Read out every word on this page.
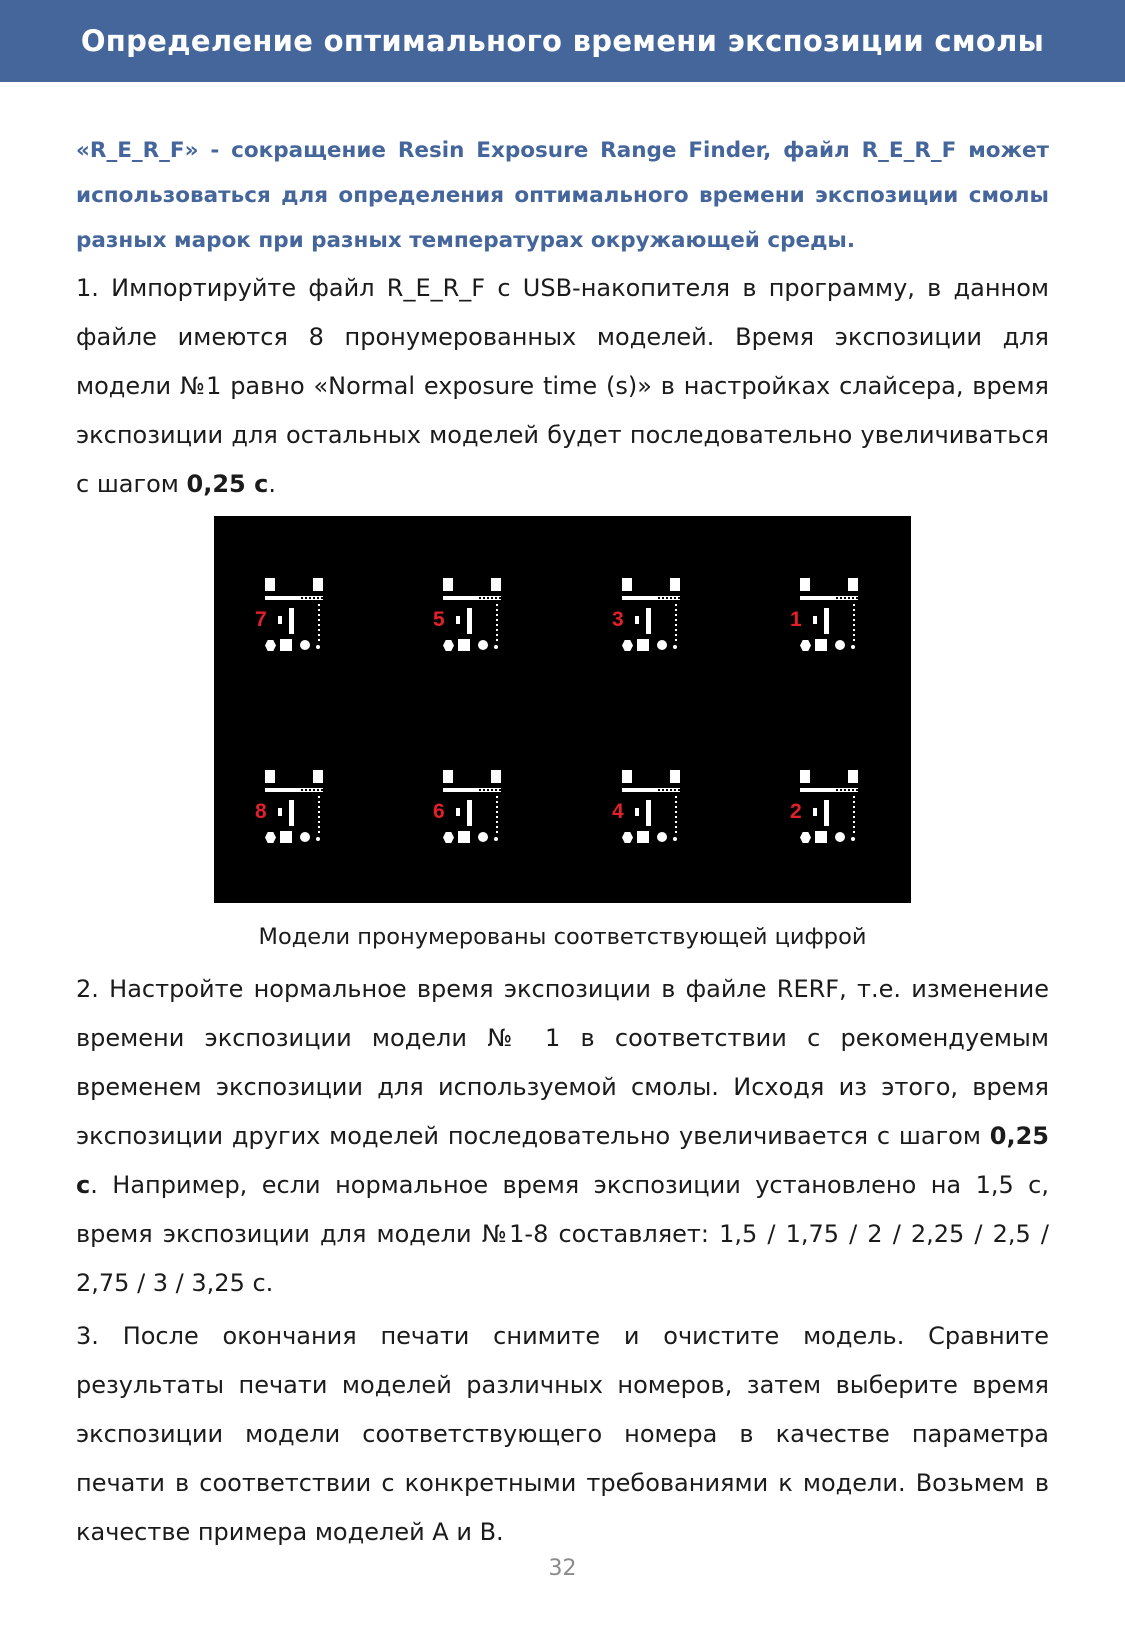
Определение оптимального времени экспозиции смолы
«R_E_R_F» - сокращение Resin Exposure Range Finder, файл R_E_R_F может использоваться для определения оптимального времени экспозиции смолы разных марок при разных температурах окружающей среды.

1. Импортируйте файл R_E_R_F с USB-накопителя в программу, в данном файле имеются 8 пронумерованных моделей. Время экспозиции для модели №1 равно «Normal exposure time (s)» в настройках слайсера, время экспозиции для остальных моделей будет последовательно увеличиваться с шагом 0,25 с.

7	5	3	1
8	6	4	2
Модели пронумерованы соответствующей цифрой

2. Настройте нормальное время экспозиции в файле RERF, т.е. изменение времени экспозиции модели № 1 в соответствии с рекомендуемым временем экспозиции для используемой смолы. Исходя из этого, время экспозиции других моделей последовательно увеличивается с шагом 0,25 с. Например, если нормальное время экспозиции установлено на 1,5 с, время экспозиции для модели №1-8 составляет: 1,5 / 1,75 / 2 / 2,25 / 2,5 / 2,75 / 3 / 3,25 с.

3. После окончания печати снимите и очистите модель. Сравните результаты печати моделей различных номеров, затем выберите время экспозиции модели соответствующего номера в качестве параметра печати в соответствии с конкретными требованиями к модели. Возьмем в качестве примера моделей А и В.

32
